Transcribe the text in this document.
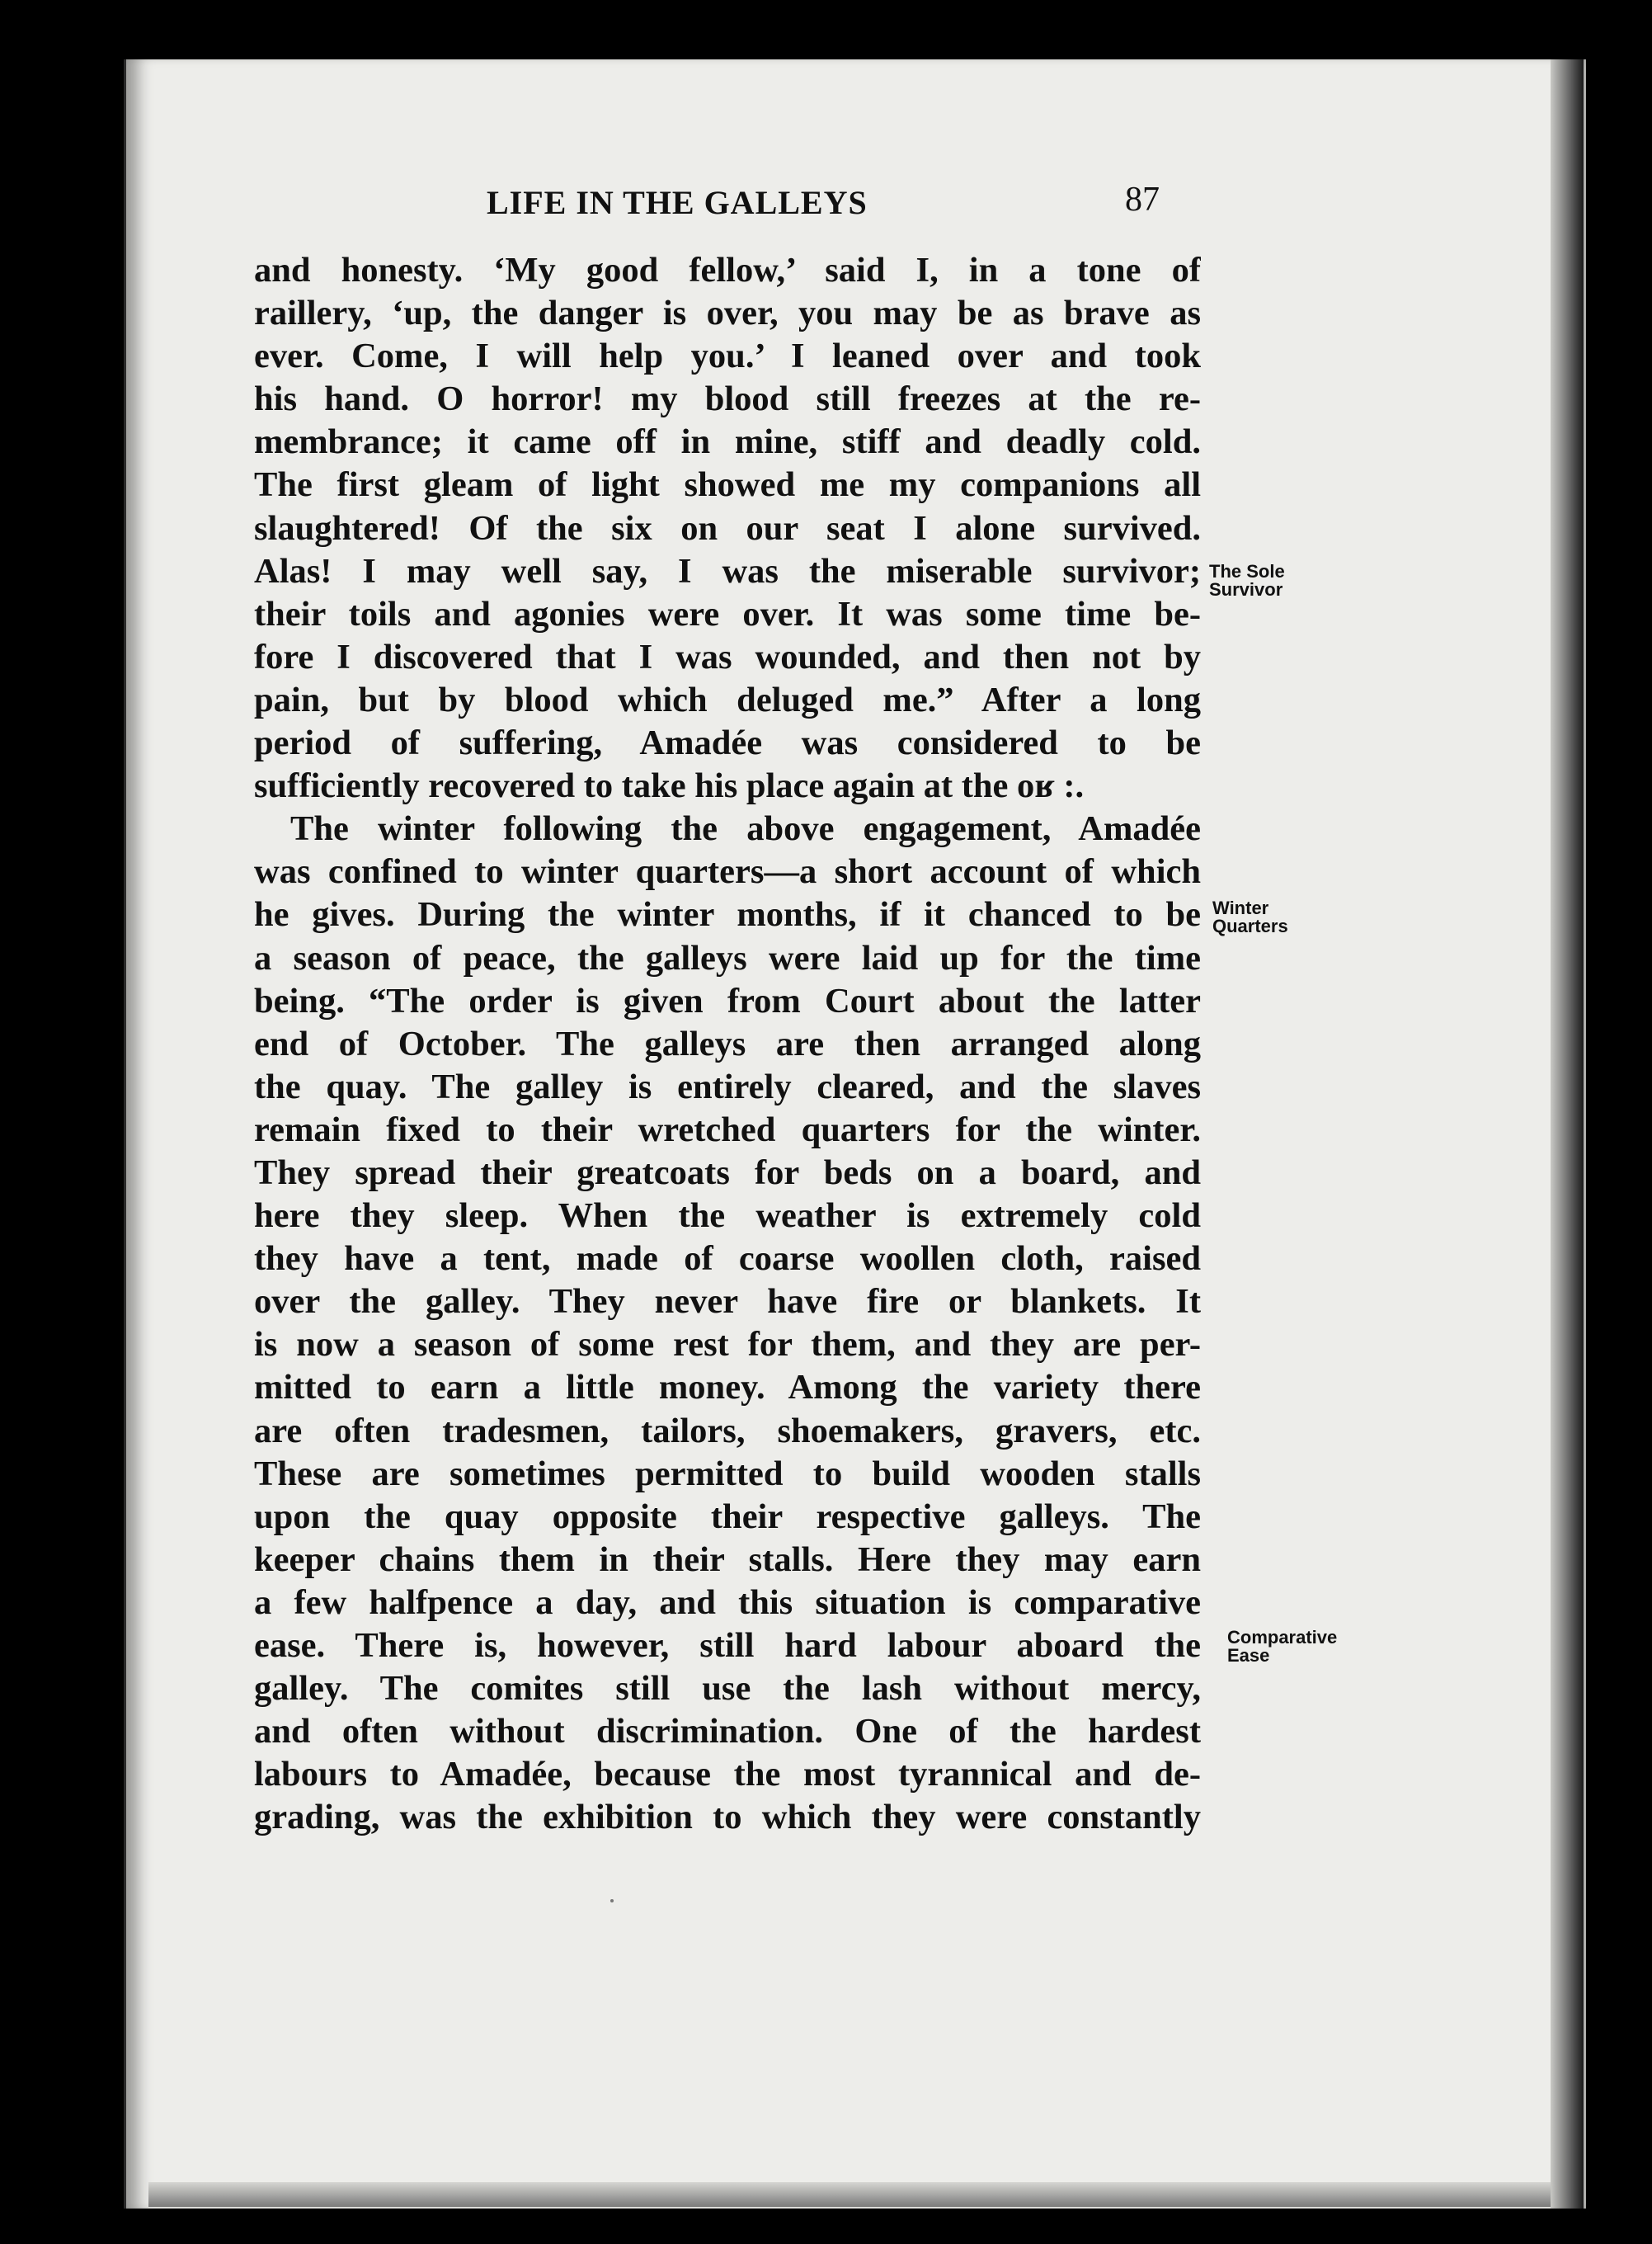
LIFE IN THE GALLEYS	87
and honesty. ‘My good fellow,’ said I, in a tone of
raillery, ‘up, the danger is over, you may be as brave as
ever. Come, I will help you.’ I leaned over and took
his hand. O horror! my blood still freezes at the re-
membrance; it came off in mine, stiff and deadly cold.
The first gleam of light showed me my companions all
slaughtered! Of the six on our seat I alone survived.
Alas! I may well say, I was the miserable survivor;
their toils and agonies were over. It was some time be-
fore I discovered that I was wounded, and then not by
pain, but by blood which deluged me.” After a long
period of suffering, Amadée was considered to be
sufficiently recovered to take his place again at the oʁ :.
The winter following the above engagement, Amadée
was confined to winter quarters—a short account of which
he gives. During the winter months, if it chanced to be
a season of peace, the galleys were laid up for the time
being. “The order is given from Court about the latter
end of October. The galleys are then arranged along
the quay. The galley is entirely cleared, and the slaves
remain fixed to their wretched quarters for the winter.
They spread their greatcoats for beds on a board, and
here they sleep. When the weather is extremely cold
they have a tent, made of coarse woollen cloth, raised
over the galley. They never have fire or blankets. It
is now a season of some rest for them, and they are per-
mitted to earn a little money. Among the variety there
are often tradesmen, tailors, shoemakers, gravers, etc.
These are sometimes permitted to build wooden stalls
upon the quay opposite their respective galleys. The
keeper chains them in their stalls. Here they may earn
a few halfpence a day, and this situation is comparative
ease. There is, however, still hard labour aboard the
galley. The comites still use the lash without mercy,
and often without discrimination. One of the hardest
labours to Amadée, because the most tyrannical and de-
grading, was the exhibition to which they were constantly
The Sole
Survivor
Winter
Quarters
Comparative
Ease
